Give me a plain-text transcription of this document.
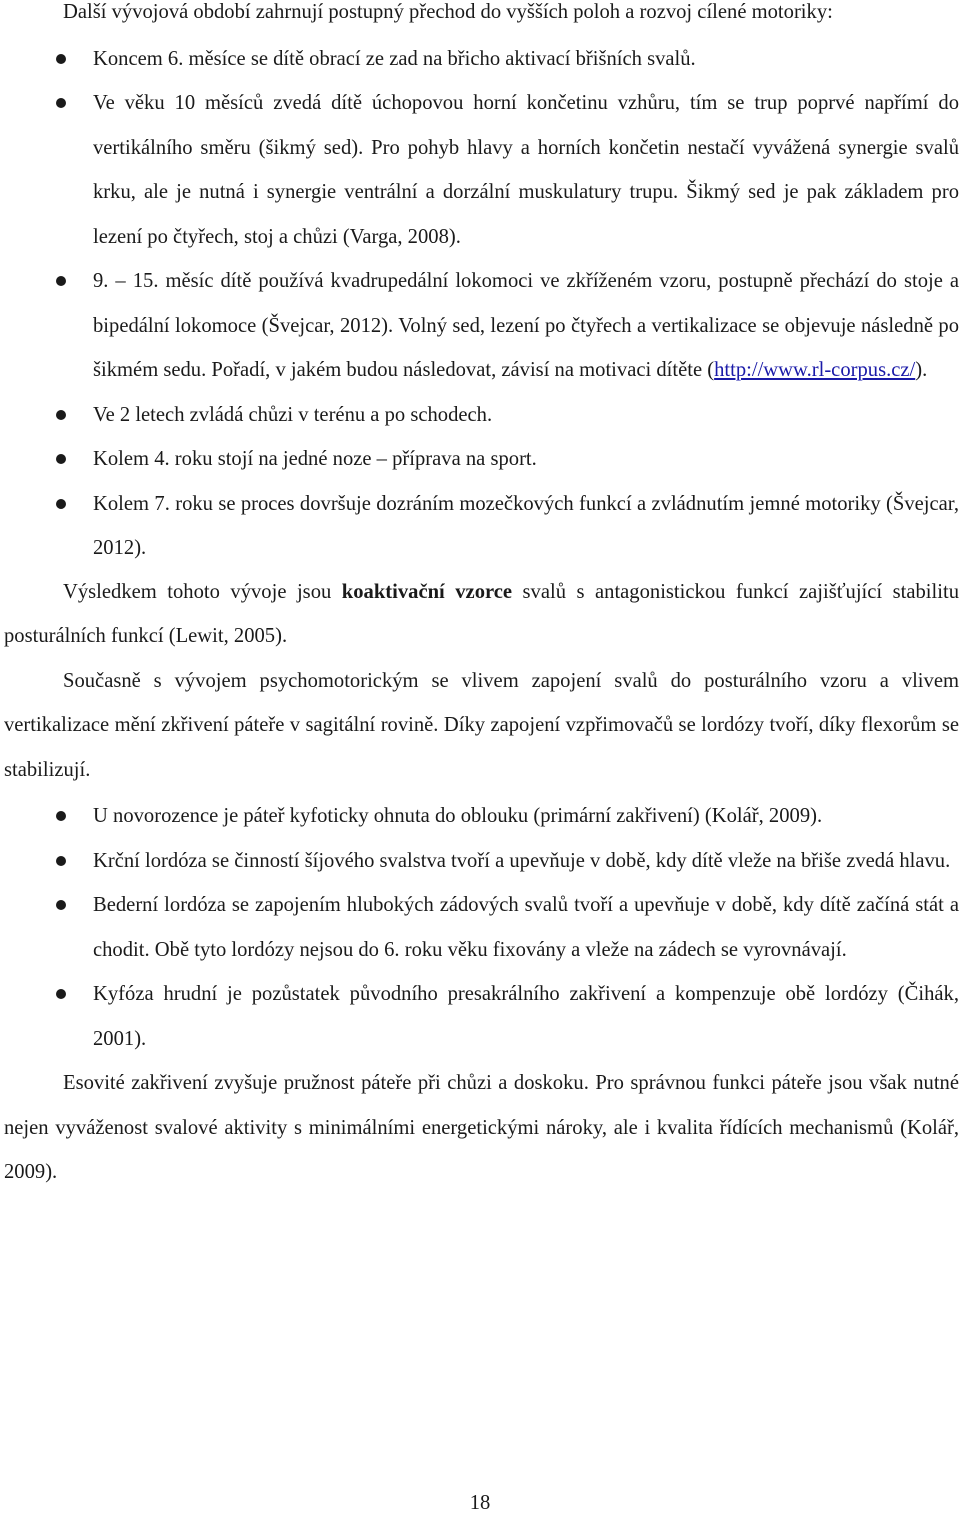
Další vývojová období zahrnují postupný přechod do vyšších poloh a rozvoj cílené motoriky:

Koncem 6. měsíce se dítě obrací ze zad na břicho aktivací břišních svalů.
Ve věku 10 měsíců zvedá dítě úchopovou horní končetinu vzhůru, tím se trup poprvé napřímí do vertikálního směru (šikmý sed). Pro pohyb hlavy a horních končetin nestačí vyvážená synergie svalů krku, ale je nutná i synergie ventrální a dorzální muskulatury trupu. Šikmý sed je pak základem pro lezení po čtyřech, stoj a chůzi (Varga, 2008).
9. – 15. měsíc dítě používá kvadrupedální lokomoci ve zkříženém vzoru, postupně přechází do stoje a bipedální lokomoce (Švejcar, 2012). Volný sed, lezení po čtyřech a vertikalizace se objevuje následně po šikmém sedu. Pořadí, v jakém budou následovat, závisí na motivaci dítěte (http://www.rl-corpus.cz/).
Ve 2 letech zvládá chůzi v terénu a po schodech.
Kolem 4. roku stojí na jedné noze – příprava na sport.
Kolem 7. roku se proces dovršuje dozráním mozečkových funkcí a zvládnutím jemné motoriky (Švejcar, 2012).

Výsledkem tohoto vývoje jsou koaktivační vzorce svalů s antagonistickou funkcí zajišťující stabilitu posturálních funkcí (Lewit, 2005).

Současně s vývojem psychomotorickým se vlivem zapojení svalů do posturálního vzoru a vlivem vertikalizace mění zkřivení páteře v sagitální rovině. Díky zapojení vzpřimovačů se lordózy tvoří, díky flexorům se stabilizují.

U novorozence je páteř kyfoticky ohnuta do oblouku (primární zakřivení) (Kolář, 2009).
Krční lordóza se činností šíjového svalstva tvoří a upevňuje v době, kdy dítě vleže na břiše zvedá hlavu.
Bederní lordóza se zapojením hlubokých zádových svalů tvoří a upevňuje v době, kdy dítě začíná stát a chodit. Obě tyto lordózy nejsou do 6. roku věku fixovány a vleže na zádech se vyrovnávají.
Kyfóza hrudní je pozůstatek původního presakrálního zakřivení a kompenzuje obě lordózy (Čihák, 2001).

Esovité zakřivení zvyšuje pružnost páteře při chůzi a doskoku. Pro správnou funkci páteře jsou však nutné nejen vyváženost svalové aktivity s minimálními energetickými nároky, ale i kvalita řídících mechanismů (Kolář, 2009).

18
